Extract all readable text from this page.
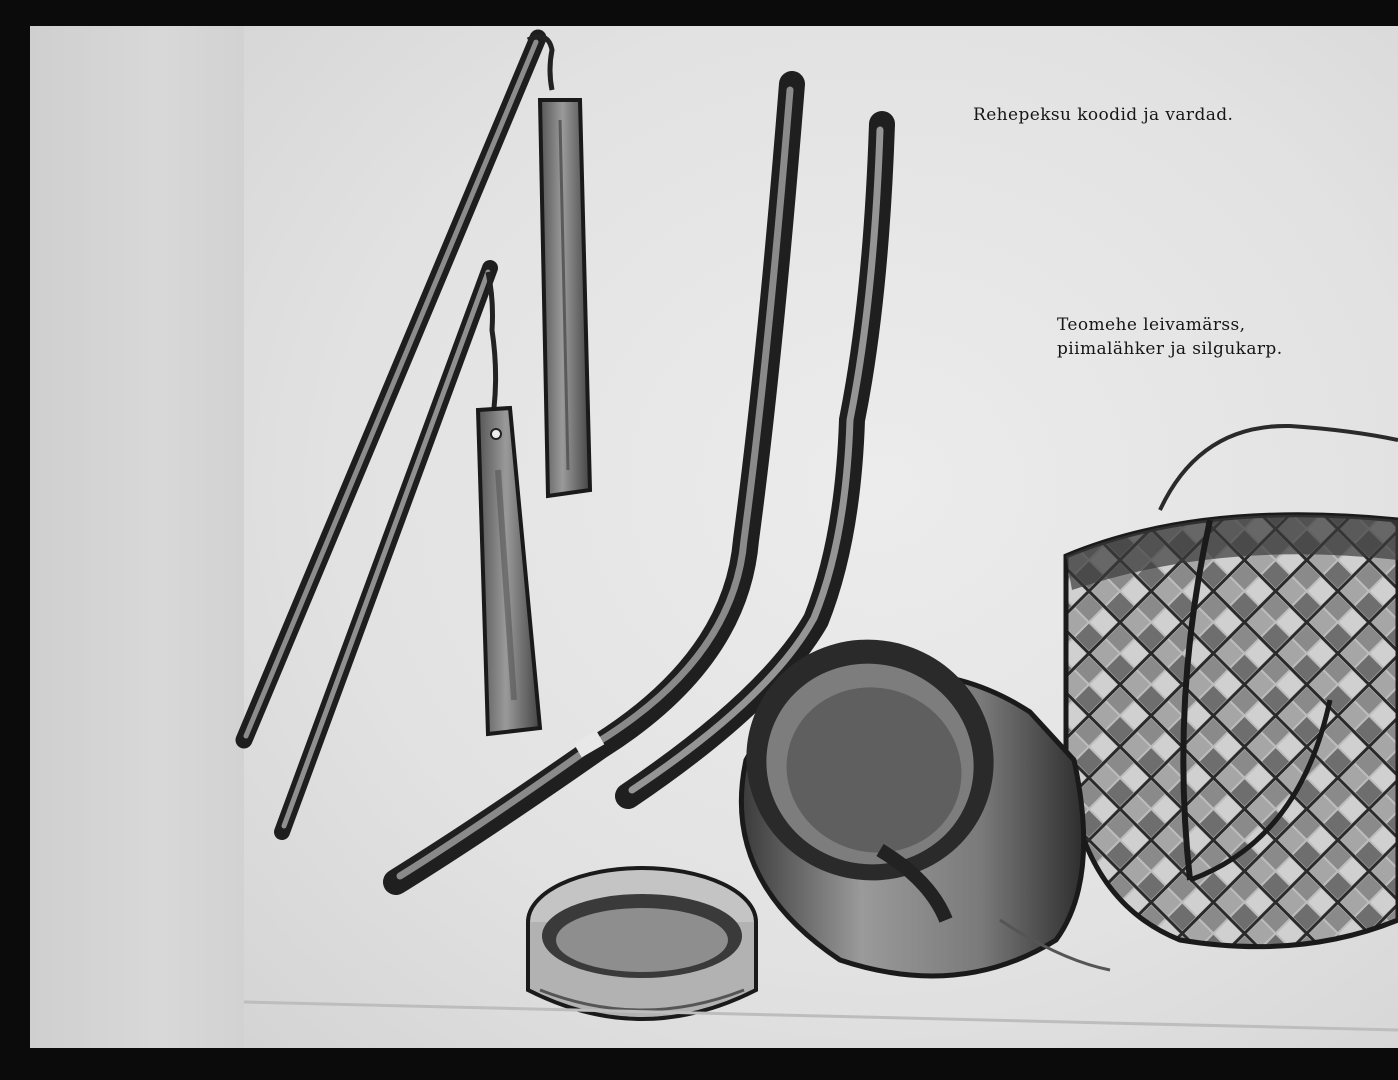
Rehepeksu koodid ja vardad.

Teomehe leivamärss,

piimalähker ja silgukarp.
